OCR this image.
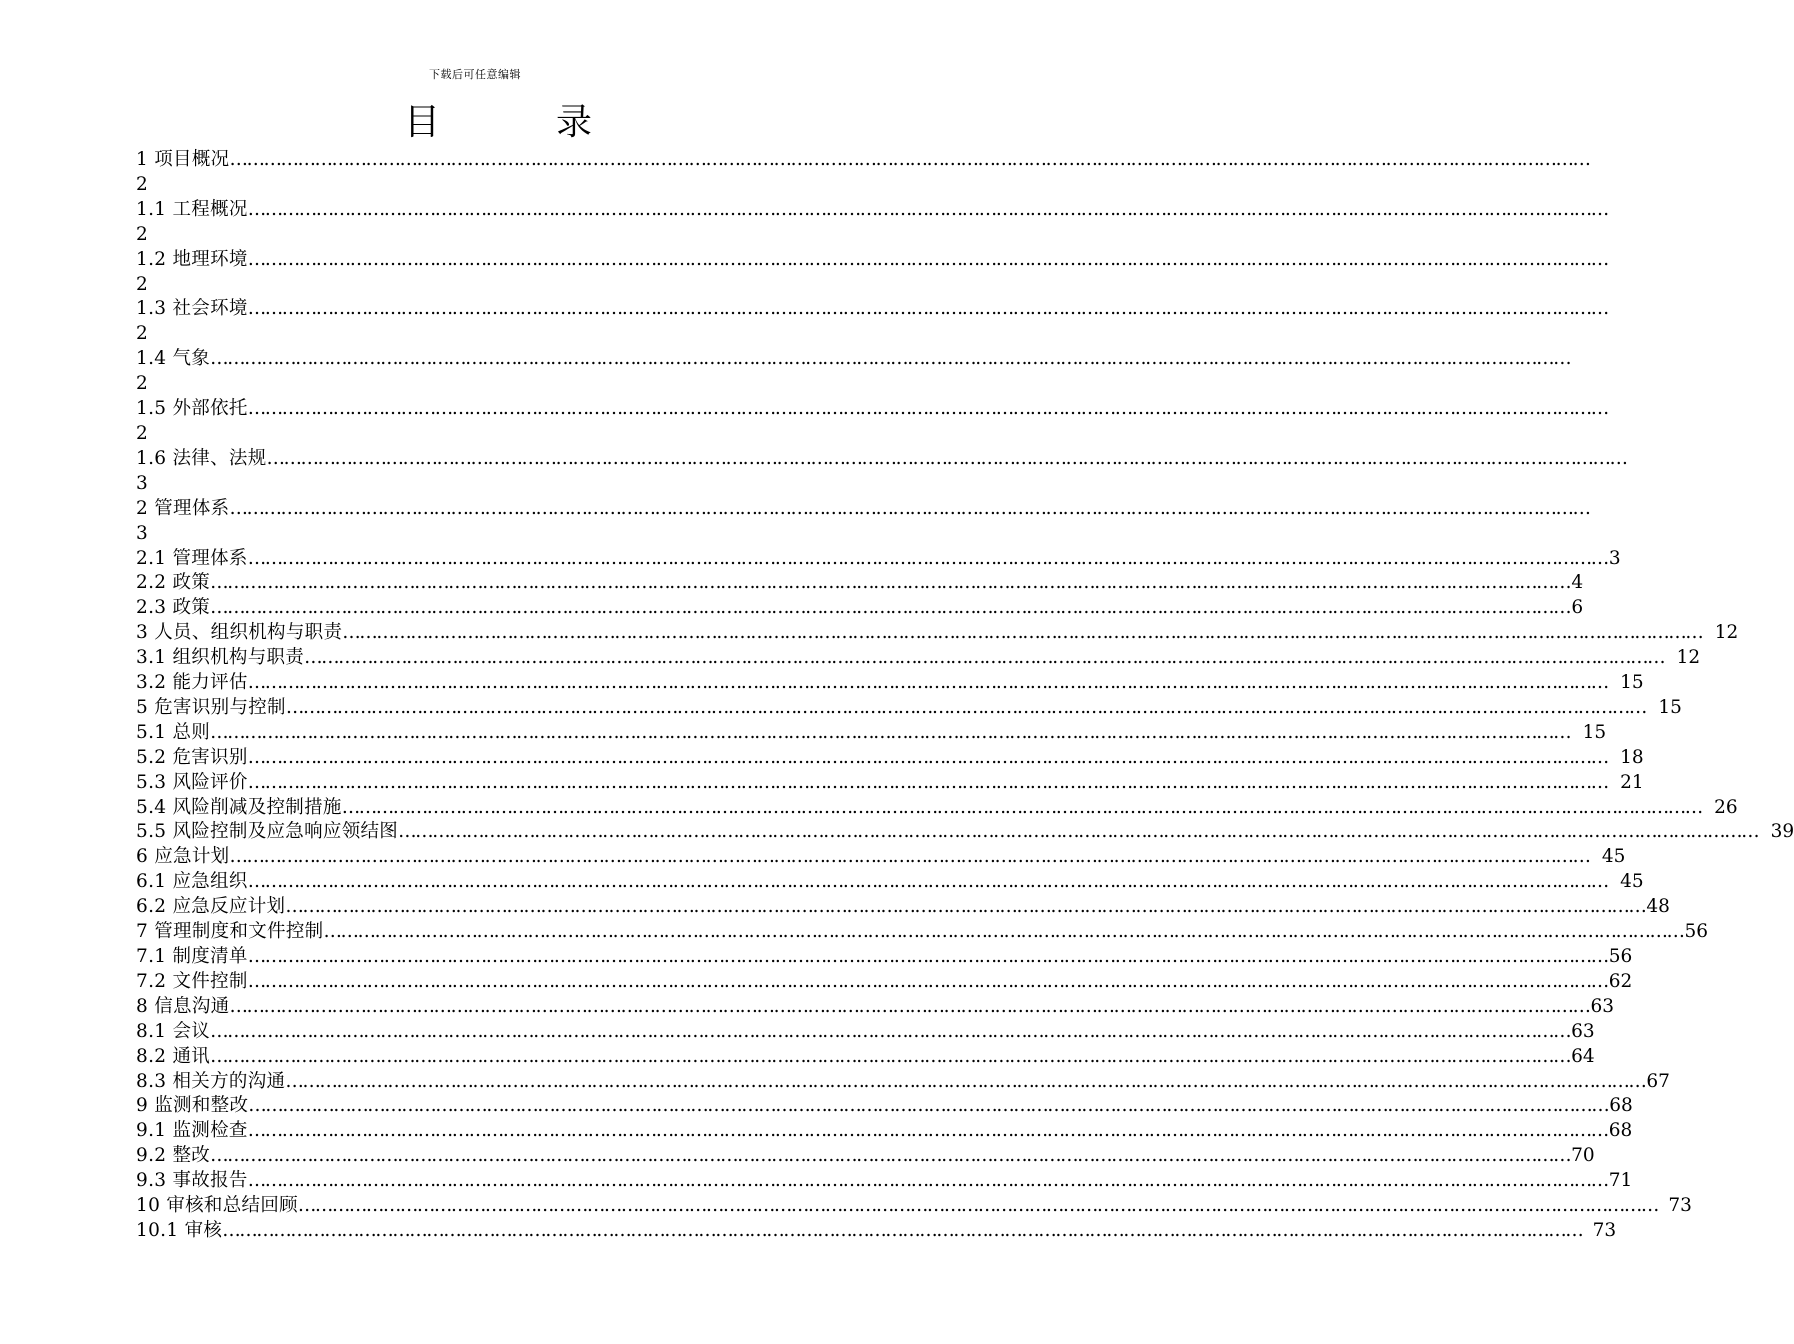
下载后可任意编辑
目	录
1 项目概况 ……………………………………………………………………………………………………………………………………………………………………………………………………………………
2
1.1 工程概况 ……………………………………………………………………………………………………………………………………………………………………………………………………………………
2
1.2 地理环境 ……………………………………………………………………………………………………………………………………………………………………………………………………………………
2
1.3 社会环境 ……………………………………………………………………………………………………………………………………………………………………………………………………………………
2
1.4 气象 ……………………………………………………………………………………………………………………………………………………………………………………………………………………
2
1.5 外部依托 ……………………………………………………………………………………………………………………………………………………………………………………………………………………
2
1.6 法律、法规 ……………………………………………………………………………………………………………………………………………………………………………………………………………………
3
2 管理体系 ……………………………………………………………………………………………………………………………………………………………………………………………………………………
3
2.1 管理体系 …………………………………………………………………………………………………………………………………………………………………………………………………………………… 3
2.2 政策 …………………………………………………………………………………………………………………………………………………………………………………………………………………… 4
2.3 政策 …………………………………………………………………………………………………………………………………………………………………………………………………………………… 6
3 人员、组织机构与职责 …………………………………………………………………………………………………………………………………………………………………………………………………………………… 12
3.1 组织机构与职责 …………………………………………………………………………………………………………………………………………………………………………………………………………………… 12
3.2 能力评估 …………………………………………………………………………………………………………………………………………………………………………………………………………………… 15
5 危害识别与控制 …………………………………………………………………………………………………………………………………………………………………………………………………………………… 15
5.1 总则 …………………………………………………………………………………………………………………………………………………………………………………………………………………… 15
5.2 危害识别 …………………………………………………………………………………………………………………………………………………………………………………………………………………… 18
5.3 风险评价 …………………………………………………………………………………………………………………………………………………………………………………………………………………… 21
5.4 风险削减及控制措施 …………………………………………………………………………………………………………………………………………………………………………………………………………………… 26
5.5 风险控制及应急响应领结图 …………………………………………………………………………………………………………………………………………………………………………………………………………………… 39
6 应急计划 …………………………………………………………………………………………………………………………………………………………………………………………………………………… 45
6.1 应急组织 …………………………………………………………………………………………………………………………………………………………………………………………………………………… 45
6.2 应急反应计划 …………………………………………………………………………………………………………………………………………………………………………………………………………………… 48
7 管理制度和文件控制 …………………………………………………………………………………………………………………………………………………………………………………………………………………… 56
7.1 制度清单 …………………………………………………………………………………………………………………………………………………………………………………………………………………… 56
7.2 文件控制 …………………………………………………………………………………………………………………………………………………………………………………………………………………… 62
8 信息沟通 …………………………………………………………………………………………………………………………………………………………………………………………………………………… 63
8.1 会议 …………………………………………………………………………………………………………………………………………………………………………………………………………………… 63
8.2 通讯 …………………………………………………………………………………………………………………………………………………………………………………………………………………… 64
8.3 相关方的沟通 …………………………………………………………………………………………………………………………………………………………………………………………………………………… 67
9 监测和整改 …………………………………………………………………………………………………………………………………………………………………………………………………………………… 68
9.1 监测检查 …………………………………………………………………………………………………………………………………………………………………………………………………………………… 68
9.2 整改 …………………………………………………………………………………………………………………………………………………………………………………………………………………… 70
9.3 事故报告 …………………………………………………………………………………………………………………………………………………………………………………………………………………… 71
10 审核和总结回顾 …………………………………………………………………………………………………………………………………………………………………………………………………………………… 73
10.1 审核 …………………………………………………………………………………………………………………………………………………………………………………………………………………… 73
